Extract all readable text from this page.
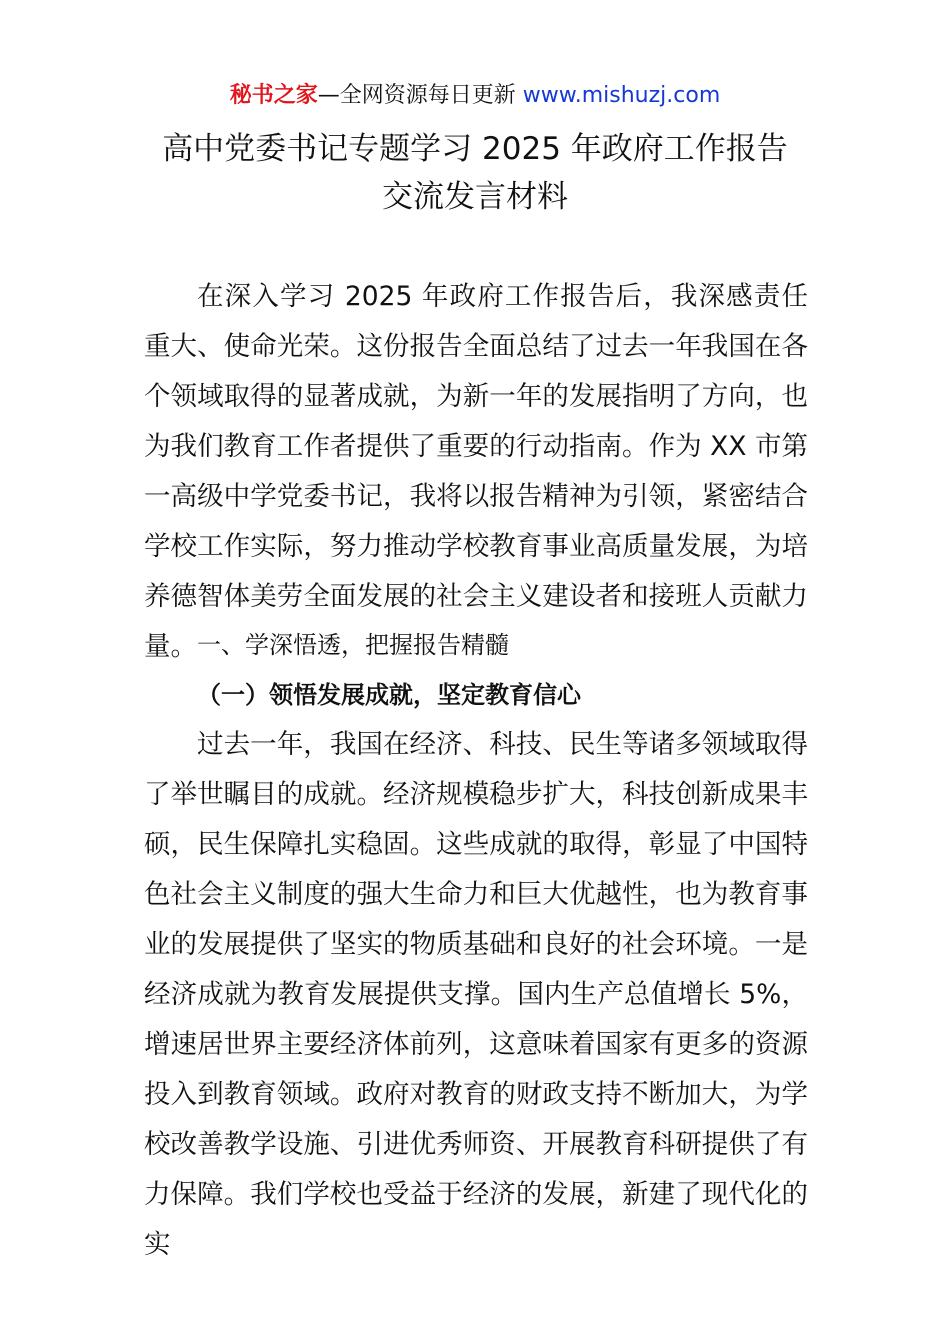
秘书之家—全网资源每日更新 www.mishuzj.com
高中党委书记专题学习 2025 年政府工作报告
交流发言材料

在深入学习 2025 年政府工作报告后，我深感责任重大、使命光荣。这份报告全面总结了过去一年我国在各个领域取得的显著成就，为新一年的发展指明了方向，也为我们教育工作者提供了重要的行动指南。作为 XX 市第一高级中学党委书记，我将以报告精神为引领，紧密结合学校工作实际，努力推动学校教育事业高质量发展，为培养德智体美劳全面发展的社会主义建设者和接班人贡献力量。 一、学深悟透，把握报告精髓

（一）领悟发展成就，坚定教育信心

过去一年，我国在经济、科技、民生等诸多领域取得了举世瞩目的成就。经济规模稳步扩大，科技创新成果丰硕，民生保障扎实稳固。这些成就的取得，彰显了中国特色社会主义制度的强大生命力和巨大优越性，也为教育事业的发展提供了坚实的物质基础和良好的社会环境。一是经济成就为教育发展提供支撑。国内生产总值增长 5%，增速居世界主要经济体前列，这意味着国家有更多的资源投入到教育领域。政府对教育的财政支持不断加大，为学校改善教学设施、引进优秀师资、开展教育科研提供了有力保障。我们学校也受益于经济的发展，新建了现代化的实
